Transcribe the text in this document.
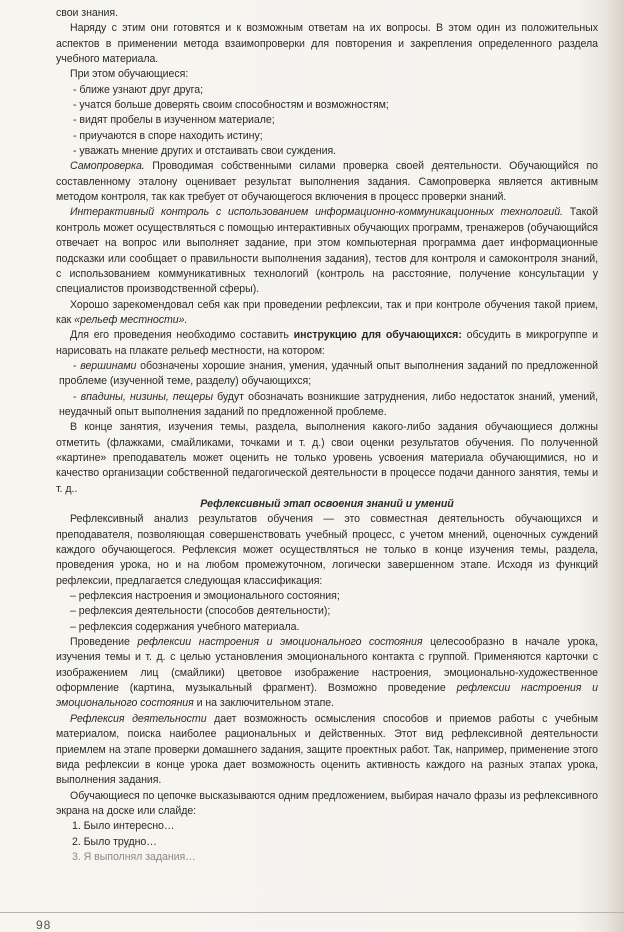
свои знания.

Наряду с этим они готовятся и к возможным ответам на их вопросы. В этом один из положительных аспектов в применении метода взаимопроверки для повторения и закрепления определенного раздела учебного материала.

При этом обучающиеся:

- ближе узнают друг друга;

- учатся больше доверять своим способностям и возможностям;

- видят пробелы в изученном материале;

- приучаются в споре находить истину;

- уважать мнение других и отстаивать свои суждения.

Самопроверка. Проводимая собственными силами проверка своей деятельности. Обучающийся по составленному эталону оценивает результат выполнения задания. Самопроверка является активным методом контроля, так как требует от обучающегося включения в процесс проверки знаний.

Интерактивный контроль с использованием информационно-коммуникационных технологий. Такой контроль может осуществляться с помощью интерактивных обучающих программ, тренажеров (обучающийся отвечает на вопрос или выполняет задание, при этом компьютерная программа дает информационные подсказки или сообщает о правильности выполнения задания), тестов для контроля и самоконтроля знаний, с использованием коммуникативных технологий (контроль на расстояние, получение консультации у специалистов производственной сферы).

Хорошо зарекомендовал себя как при проведении рефлексии, так и при контроле обучения такой прием, как «рельеф местности».

Для его проведения необходимо составить инструкцию для обучающихся: обсудить в микрогруппе и нарисовать на плакате рельеф местности, на котором:

- вершинами обозначены хорошие знания, умения, удачный опыт выполнения заданий по предложенной проблеме (изученной теме, разделу) обучающихся;

- впадины, низины, пещеры будут обозначать возникшие затруднения, либо недостаток знаний, умений, неудачный опыт выполнения заданий по предложенной проблеме.

В конце занятия, изучения темы, раздела, выполнения какого-либо задания обучающиеся должны отметить (флажками, смайликами, точками и т. д.) свои оценки результатов обучения. По полученной «картине» преподаватель может оценить не только уровень усвоения материала обучающимися, но и качество организации собственной педагогической деятельности в процессе подачи данного занятия, темы и т. д..

Рефлексивный этап освоения знаний и умений

Рефлексивный анализ результатов обучения — это совместная деятельность обучающихся и преподавателя, позволяющая совершенствовать учебный процесс, с учетом мнений, оценочных суждений каждого обучающегося. Рефлексия может осуществляться не только в конце изучения темы, раздела, проведения урока, но и на любом промежуточном, логически завершенном этапе. Исходя из функций рефлексии, предлагается следующая классификация:

– рефлексия настроения и эмоционального состояния;

– рефлексия деятельности (способов деятельности);

– рефлексия содержания учебного материала.

Проведение рефлексии настроения и эмоционального состояния целесообразно в начале урока, изучения темы и т. д. с целью установления эмоционального контакта с группой. Применяются карточки с изображением лиц (смайлики) цветовое изображение настроения, эмоционально-художественное оформление (картина, музыкальный фрагмент). Возможно проведение рефлексии настроения и эмоционального состояния и на заключительном этапе.

Рефлексия деятельности дает возможность осмысления способов и приемов работы с учебным материалом, поиска наиболее рациональных и действенных. Этот вид рефлексивной деятельности приемлем на этапе проверки домашнего задания, защите проектных работ. Так, например, применение этого вида рефлексии в конце урока дает возможность оценить активность каждого на разных этапах урока, выполнения задания.

Обучающиеся по цепочке высказываются одним предложением, выбирая начало фразы из рефлексивного экрана на доске или слайде:

1. Было интересно…

2. Было трудно…

3. Я выполнял задания…

98
